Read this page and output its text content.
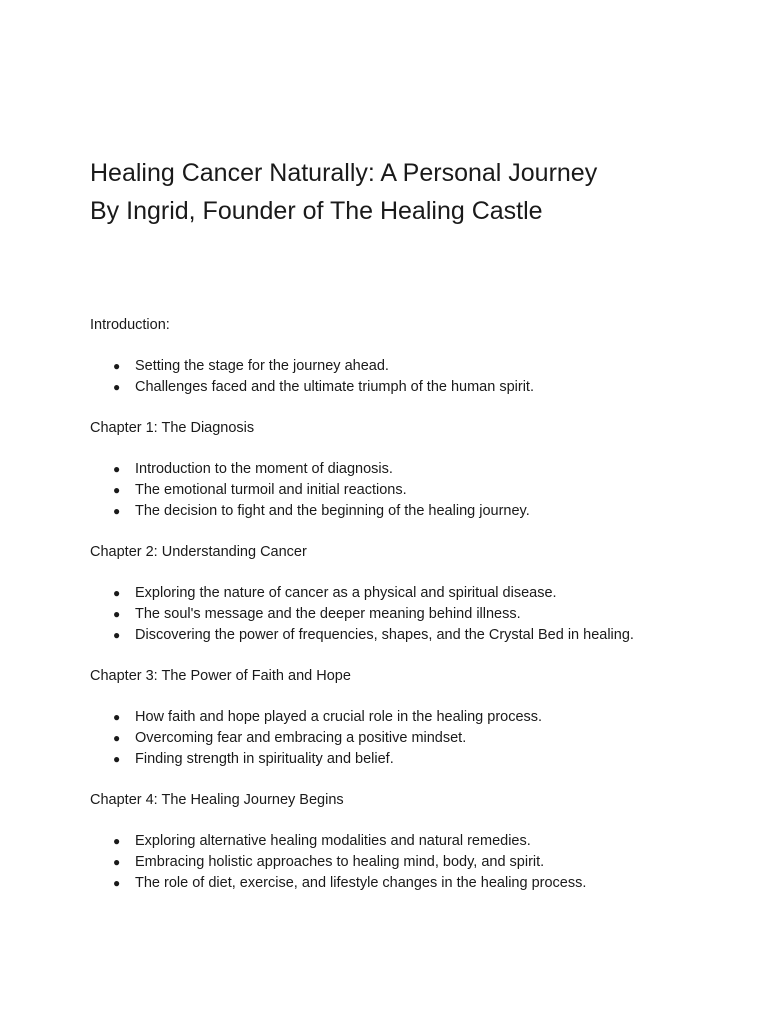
Healing Cancer Naturally: A Personal Journey
By Ingrid, Founder of The Healing Castle

Introduction:

● Setting the stage for the journey ahead.
● Challenges faced and the ultimate triumph of the human spirit.

Chapter 1: The Diagnosis

● Introduction to the moment of diagnosis.
● The emotional turmoil and initial reactions.
● The decision to fight and the beginning of the healing journey.

Chapter 2: Understanding Cancer

● Exploring the nature of cancer as a physical and spiritual disease.
● The soul's message and the deeper meaning behind illness.
● Discovering the power of frequencies, shapes, and the Crystal Bed in healing.

Chapter 3: The Power of Faith and Hope

● How faith and hope played a crucial role in the healing process.
● Overcoming fear and embracing a positive mindset.
● Finding strength in spirituality and belief.

Chapter 4: The Healing Journey Begins

● Exploring alternative healing modalities and natural remedies.
● Embracing holistic approaches to healing mind, body, and spirit.
● The role of diet, exercise, and lifestyle changes in the healing process.
